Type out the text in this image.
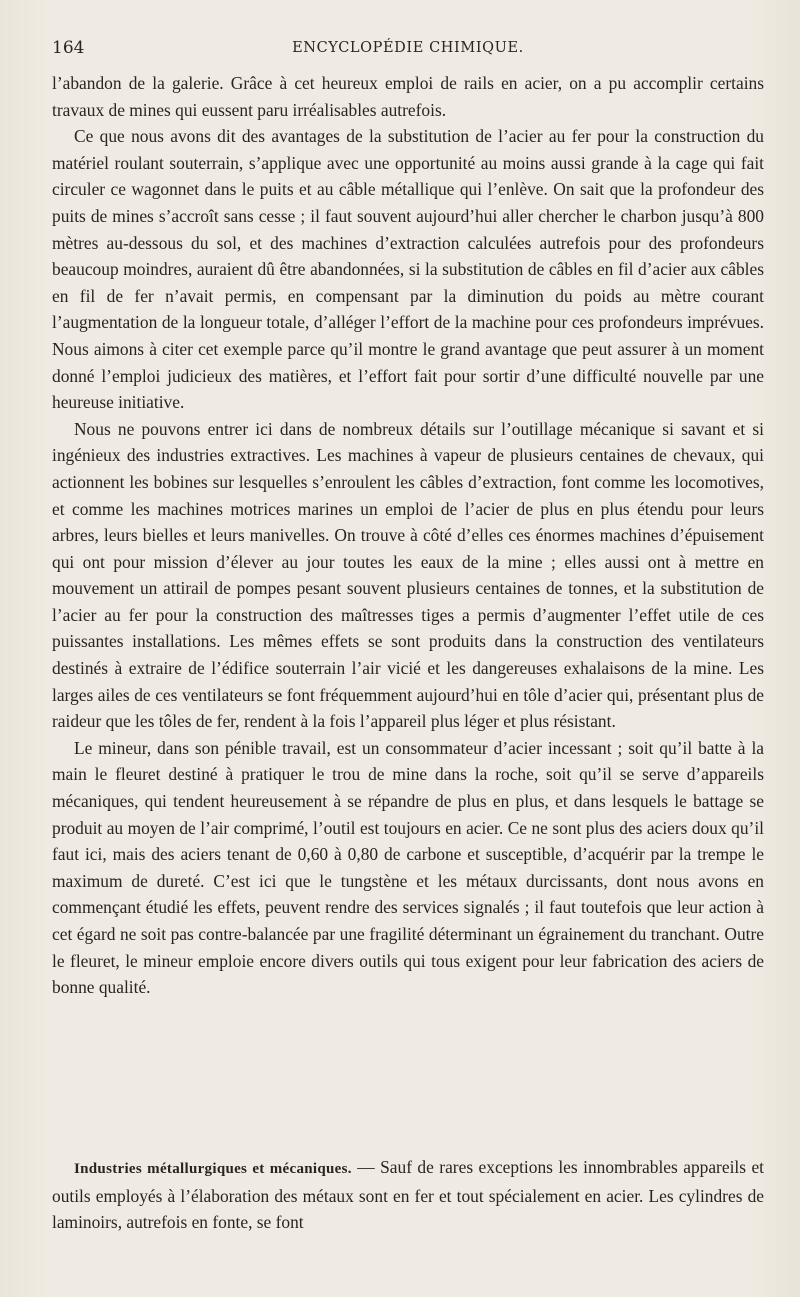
164	ENCYCLOPÉDIE CHIMIQUE.

l’abandon de la galerie. Grâce à cet heureux emploi de rails en acier, on a pu accomplir certains travaux de mines qui eussent paru irréalisables autrefois.

Ce que nous avons dit des avantages de la substitution de l’acier au fer pour la construction du matériel roulant souterrain, s’applique avec une opportunité au moins aussi grande à la cage qui fait circuler ce wagonnet dans le puits et au câble métallique qui l’enlève. On sait que la profondeur des puits de mines s’accroît sans cesse ; il faut souvent aujourd’hui aller chercher le charbon jusqu’à 800 mètres au-dessous du sol, et des machines d’extraction calculées autrefois pour des profondeurs beaucoup moindres, auraient dû être abandonnées, si la substitution de câbles en fil d’acier aux câbles en fil de fer n’avait permis, en compensant par la diminution du poids au mètre courant l’augmentation de la longueur totale, d’alléger l’effort de la machine pour ces profondeurs imprévues. Nous aimons à citer cet exemple parce qu’il montre le grand avantage que peut assurer à un moment donné l’emploi judicieux des matières, et l’effort fait pour sortir d’une difficulté nouvelle par une heureuse initiative.

Nous ne pouvons entrer ici dans de nombreux détails sur l’outillage mécanique si savant et si ingénieux des industries extractives. Les machines à vapeur de plusieurs centaines de chevaux, qui actionnent les bobines sur lesquelles s’enroulent les câbles d’extraction, font comme les locomotives, et comme les machines motrices marines un emploi de l’acier de plus en plus étendu pour leurs arbres, leurs bielles et leurs manivelles. On trouve à côté d’elles ces énormes machines d’épuisement qui ont pour mission d’élever au jour toutes les eaux de la mine ; elles aussi ont à mettre en mouvement un attirail de pompes pesant souvent plusieurs centaines de tonnes, et la substitution de l’acier au fer pour la construction des maîtresses tiges a permis d’augmenter l’effet utile de ces puissantes installations. Les mêmes effets se sont produits dans la construction des ventilateurs destinés à extraire de l’édifice souterrain l’air vicié et les dangereuses exhalaisons de la mine. Les larges ailes de ces ventilateurs se font fréquemment aujourd’hui en tôle d’acier qui, présentant plus de raideur que les tôles de fer, rendent à la fois l’appareil plus léger et plus résistant.

Le mineur, dans son pénible travail, est un consommateur d’acier incessant ; soit qu’il batte à la main le fleuret destiné à pratiquer le trou de mine dans la roche, soit qu’il se serve d’appareils mécaniques, qui tendent heureusement à se répandre de plus en plus, et dans lesquels le battage se produit au moyen de l’air comprimé, l’outil est toujours en acier. Ce ne sont plus des aciers doux qu’il faut ici, mais des aciers tenant de 0,60 à 0,80 de carbone et susceptible, d’acquérir par la trempe le maximum de dureté. C’est ici que le tungstène et les métaux durcissants, dont nous avons en commençant étudié les effets, peuvent rendre des services signalés ; il faut toutefois que leur action à cet égard ne soit pas contre-balancée par une fragilité déterminant un égrainement du tranchant. Outre le fleuret, le mineur emploie encore divers outils qui tous exigent pour leur fabrication des aciers de bonne qualité.

Industries métallurgiques et mécaniques. — Sauf de rares exceptions les innombrables appareils et outils employés à l’élaboration des métaux sont en fer et tout spécialement en acier. Les cylindres de laminoirs, autrefois en fonte, se font
